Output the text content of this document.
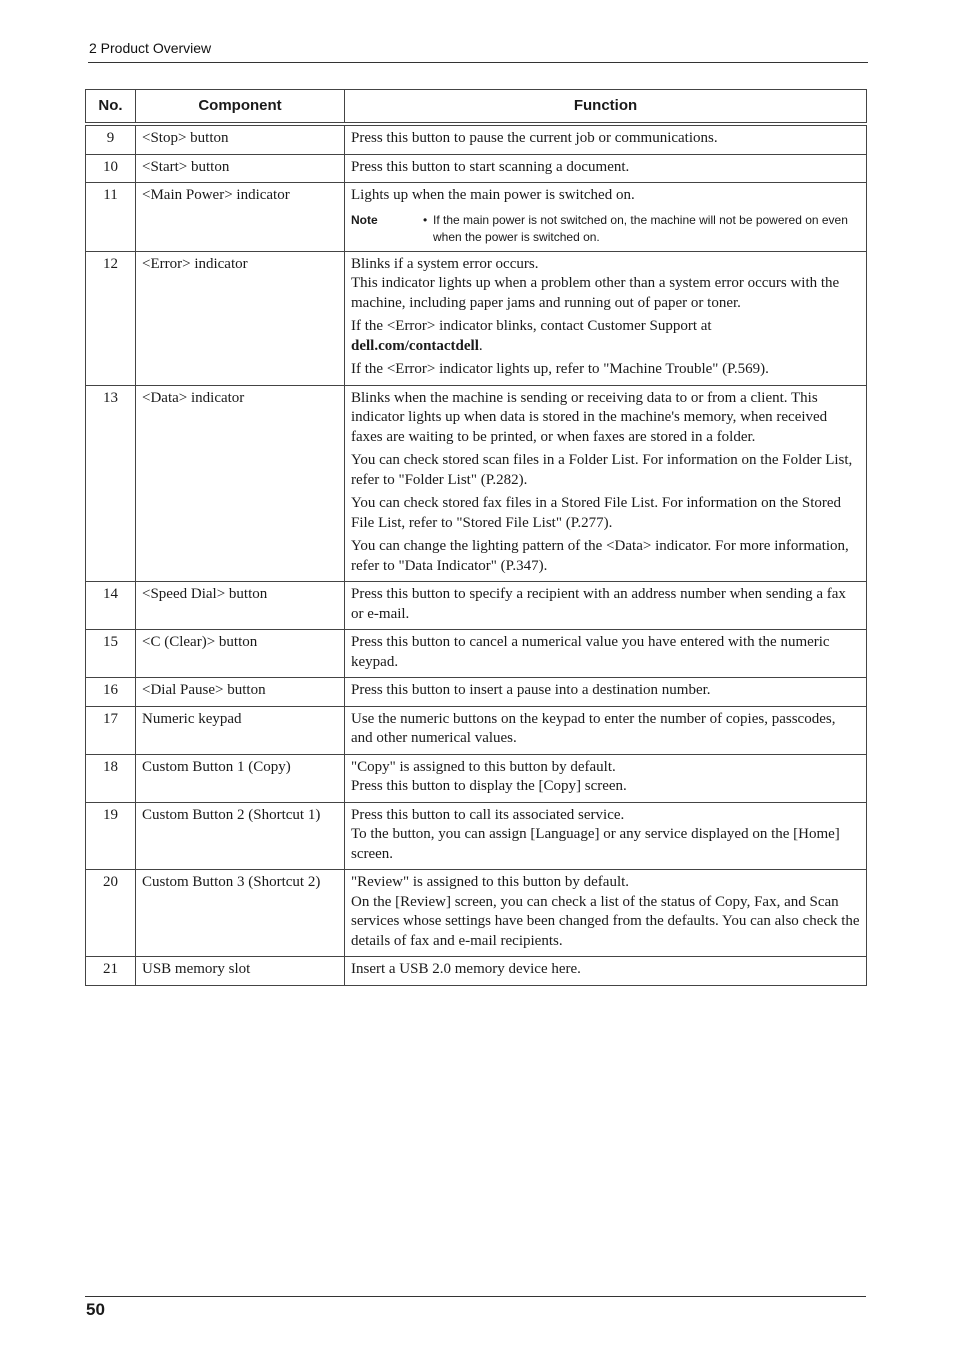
2 Product Overview
No.	Component	Function
9	<Stop> button	Press this button to pause the current job or communications.

10	<Start> button	Press this button to start scanning a document.

11	<Main Power> indicator	Lights up when the main power is switched on.
Note • If the main power is not switched on, the machine will not be powered on even when the power is switched on.

12	<Error> indicator	Blinks if a system error occurs.
This indicator lights up when a problem other than a system error occurs with the machine, including paper jams and running out of paper or toner.
If the <Error> indicator blinks, contact Customer Support at
dell.com/contactdell.
If the <Error> indicator lights up, refer to "Machine Trouble" (P.569).

13	<Data> indicator	Blinks when the machine is sending or receiving data to or from a client. This indicator lights up when data is stored in the machine's memory, when received faxes are waiting to be printed, or when faxes are stored in a folder.
You can check stored scan files in a Folder List. For information on the Folder List, refer to "Folder List" (P.282).
You can check stored fax files in a Stored File List. For information on the Stored File List, refer to "Stored File List" (P.277).
You can change the lighting pattern of the <Data> indicator. For more information, refer to "Data Indicator" (P.347).

14	<Speed Dial> button	Press this button to specify a recipient with an address number when sending a fax or e-mail.

15	<C (Clear)> button	Press this button to cancel a numerical value you have entered with the numeric keypad.

16	<Dial Pause> button	Press this button to insert a pause into a destination number.

17	Numeric keypad	Use the numeric buttons on the keypad to enter the number of copies, passcodes, and other numerical values.

18	Custom Button 1 (Copy)	"Copy" is assigned to this button by default.
Press this button to display the [Copy] screen.

19	Custom Button 2 (Shortcut 1)	Press this button to call its associated service.
To the button, you can assign [Language] or any service displayed on the [Home] screen.

20	Custom Button 3 (Shortcut 2)	"Review" is assigned to this button by default.
On the [Review] screen, you can check a list of the status of Copy, Fax, and Scan services whose settings have been changed from the defaults. You can also check the details of fax and e-mail recipients.

21	USB memory slot	Insert a USB 2.0 memory device here.
50
